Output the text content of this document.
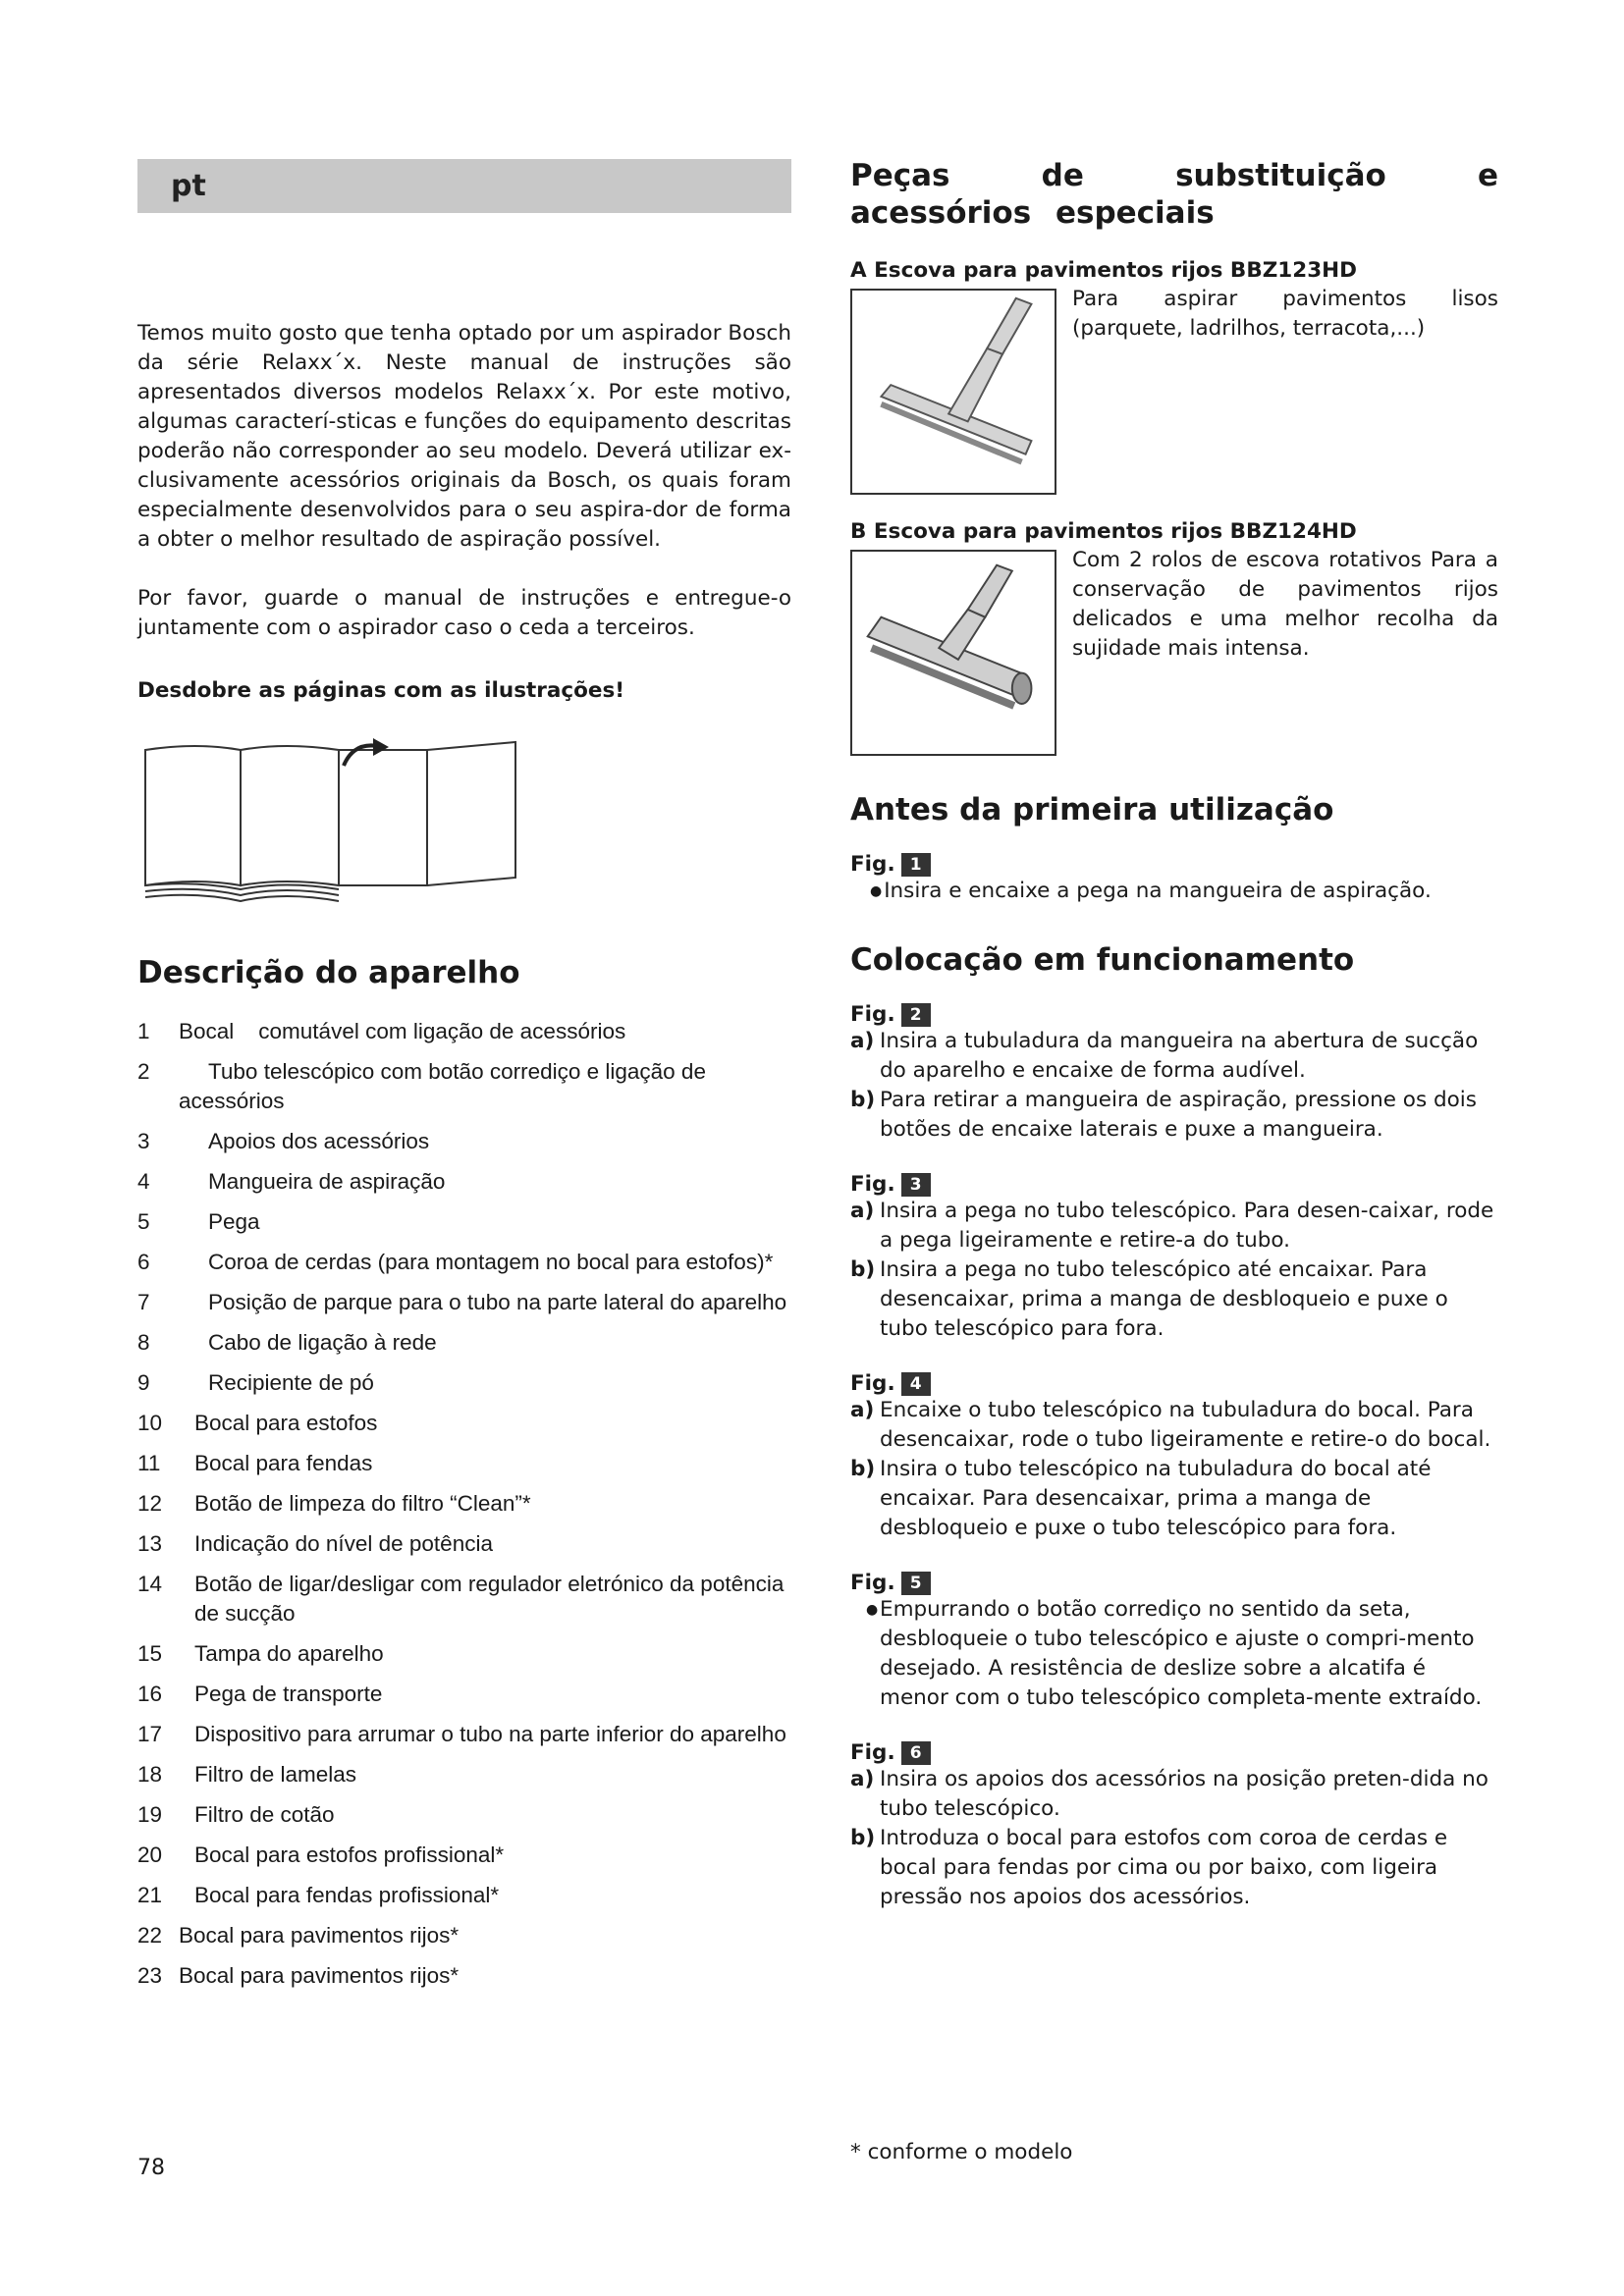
pt

Temos muito gosto que tenha optado por um aspirador Bosch da série Relaxx´x. Neste manual de instruções são apresentados diversos modelos Relaxx´x. Por este motivo, algumas caracterí-sticas e funções do equipamento descritas poderão não corresponder ao seu modelo. Deverá utilizar ex-clusivamente acessórios originais da Bosch, os quais foram especialmente desenvolvidos para o seu aspira-dor de forma a obter o melhor resultado de aspiração possível.

Por favor, guarde o manual de instruções e entregue-o juntamente com o aspirador caso o ceda a terceiros.

Desdobre as páginas com as ilustrações!
Descrição do aparelho
1	Bocal    comutável com ligação de acessórios
2	Tubo telescópico com botão corrediço e ligação de acessórios
3	Apoios dos acessórios
4	Mangueira de aspiração
5	Pega
6	Coroa de cerdas (para montagem no bocal para estofos)*
7	Posição de parque para o tubo na parte lateral do aparelho
8	Cabo de ligação à rede
9	Recipiente de pó
10	Bocal para estofos
11	Bocal para fendas
12	Botão de limpeza do filtro “Clean”*
13	Indicação do nível de potência
14	Botão de ligar/desligar com regulador eletrónico da potência de sucção
15	Tampa do aparelho
16	Pega de transporte
17	Dispositivo para arrumar o tubo na parte inferior do aparelho
18	Filtro de lamelas
19	Filtro de cotão
20	Bocal para estofos profissional*
21	Bocal para fendas profissional*
22 Bocal para pavimentos rijos*
23 Bocal para pavimentos rijos*
Peças de substituição e acessórios especiais
A Escova para pavimentos rijos BBZ123HD
Para aspirar pavimentos lisos (parquete, ladrilhos, terracota,...)
B Escova para pavimentos rijos BBZ124HD
Com 2 rolos de escova rotativos Para a conservação de pavimentos rijos delicados e uma melhor recolha da sujidade mais intensa.
Antes da primeira utilização
Fig. 1
●Insira e encaixe a pega na mangueira de aspiração.
Colocação em funcionamento
Fig. 2
a) Insira a tubuladura da mangueira na abertura de sucção do aparelho e encaixe de forma audível.
b) Para retirar a mangueira de aspiração, pressione os dois botões de encaixe laterais e puxe a mangueira.
Fig. 3
a) Insira a pega no tubo telescópico. Para desen-caixar, rode a pega ligeiramente e retire-a do tubo.
b) Insira a pega no tubo telescópico até encaixar. Para desencaixar, prima a manga de desbloqueio e puxe o tubo telescópico para fora.
Fig. 4
a) Encaixe o tubo telescópico na tubuladura do bocal. Para desencaixar, rode o tubo ligeiramente e retire-o do bocal.
b) Insira o tubo telescópico na tubuladura do bocal até encaixar. Para desencaixar, prima a manga de desbloqueio e puxe o tubo telescópico para fora.
Fig. 5
● Empurrando o botão corrediço no sentido da seta, desbloqueie o tubo telescópico e ajuste o compri-mento desejado. A resistência de deslize sobre a alcatifa é menor com o tubo telescópico completa-mente extraído.
Fig. 6
a) Insira os apoios dos acessórios na posição preten-dida no tubo telescópico.
b) Introduza o bocal para estofos com coroa de cerdas e bocal para fendas por cima ou por baixo, com ligeira pressão nos apoios dos acessórios.
78
* conforme o modelo
